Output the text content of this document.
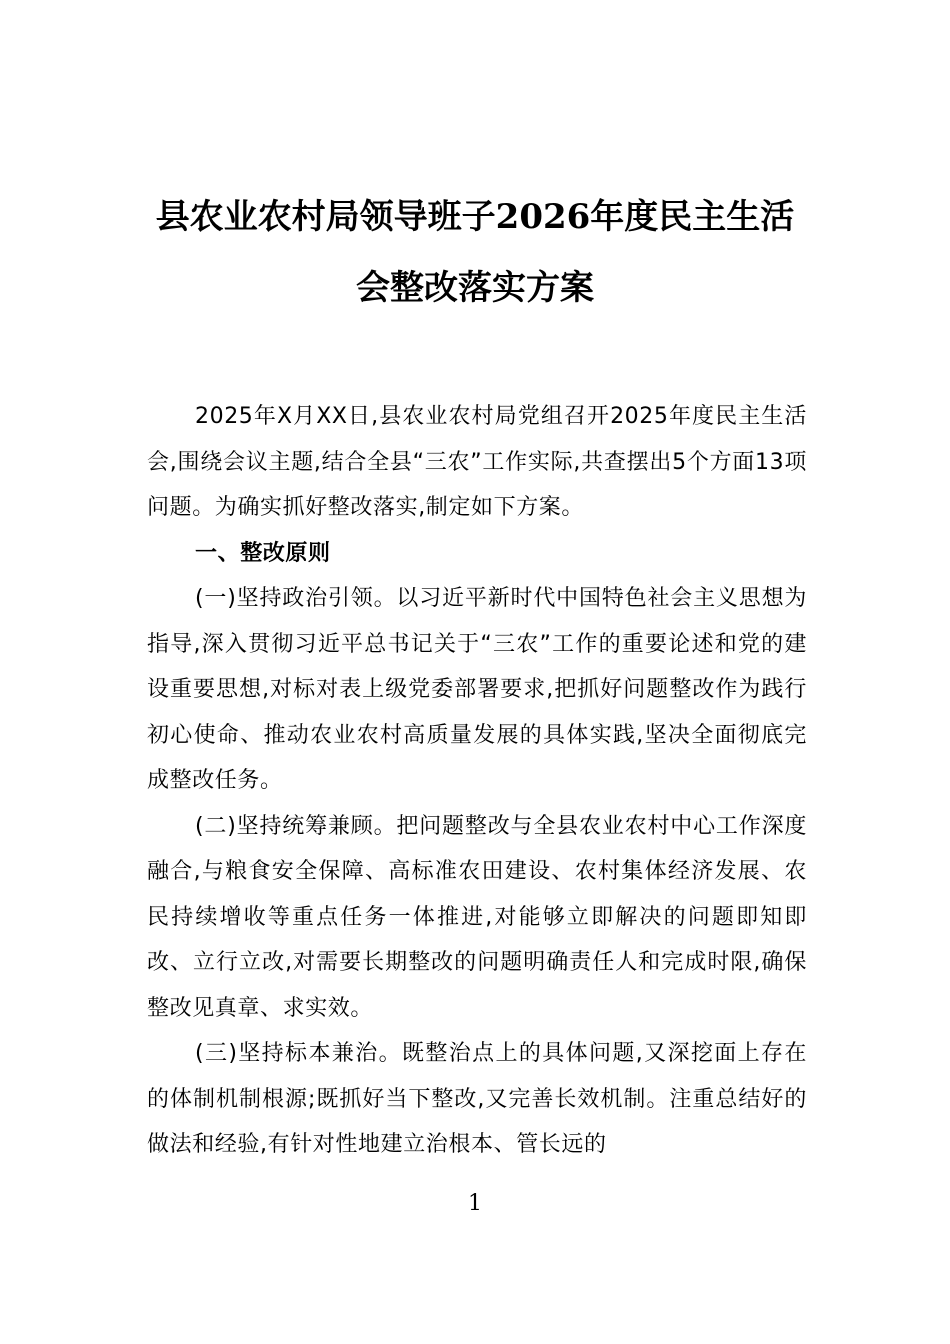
县农业农村局领导班子2026年度民主生活
会整改落实方案

2025年X月XX日,县农业农村局党组召开2025年度民主生活会,围绕会议主题,结合全县“三农”工作实际,共查摆出5个方面13项问题。为确实抓好整改落实,制定如下方案。

一、整改原则

(一)坚持政治引领。以习近平新时代中国特色社会主义思想为指导,深入贯彻习近平总书记关于“三农”工作的重要论述和党的建设重要思想,对标对表上级党委部署要求,把抓好问题整改作为践行初心使命、推动农业农村高质量发展的具体实践,坚决全面彻底完成整改任务。

(二)坚持统筹兼顾。把问题整改与全县农业农村中心工作深度融合,与粮食安全保障、高标准农田建设、农村集体经济发展、农民持续增收等重点任务一体推进,对能够立即解决的问题即知即改、立行立改,对需要长期整改的问题明确责任人和完成时限,确保整改见真章、求实效。

(三)坚持标本兼治。既整治点上的具体问题,又深挖面上存在的体制机制根源;既抓好当下整改,又完善长效机制。注重总结好的做法和经验,有针对性地建立治根本、管长远的

1
